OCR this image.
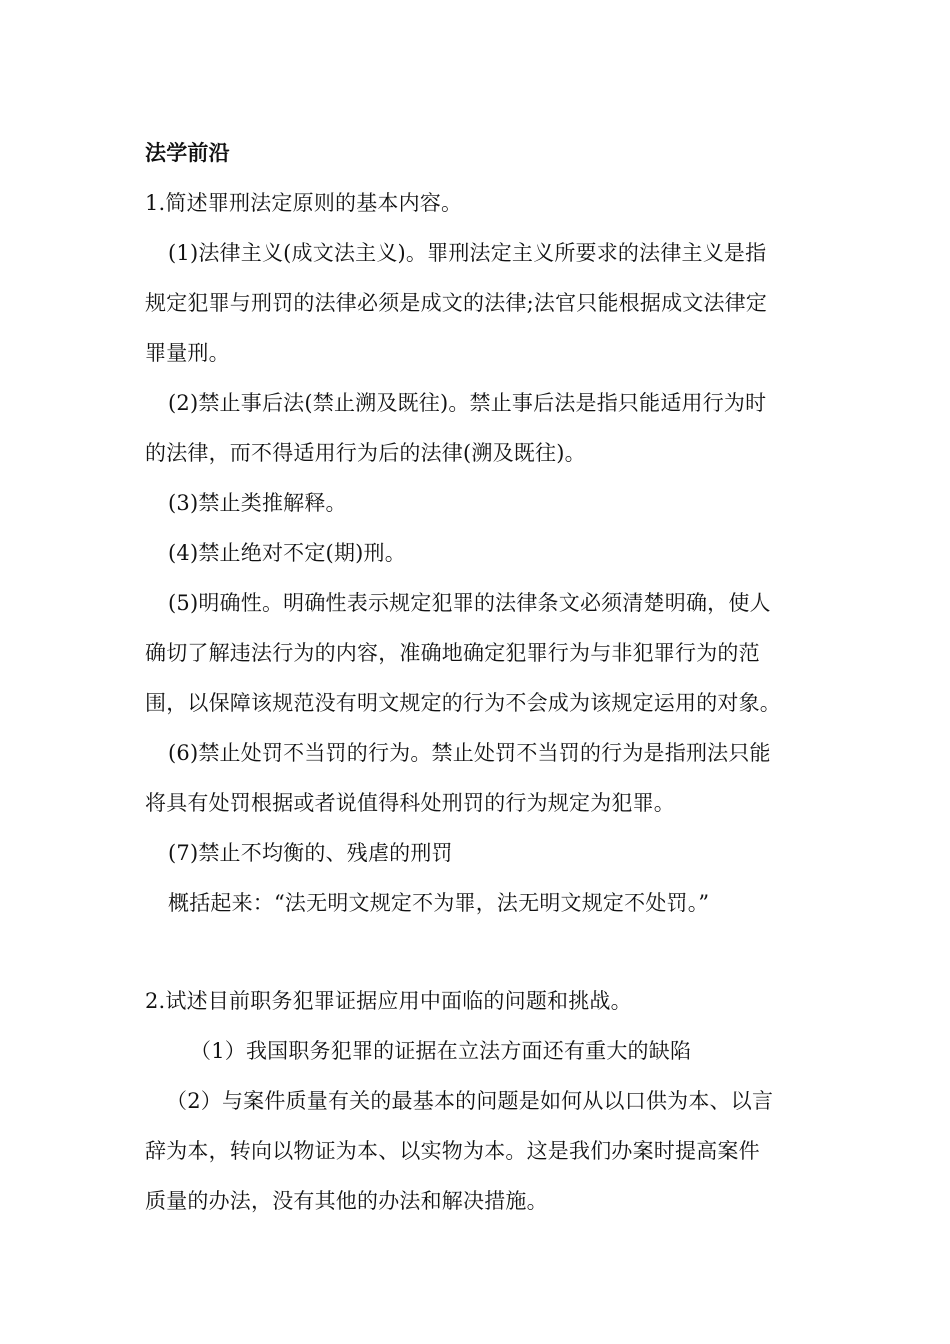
法学前沿
1.简述罪刑法定原则的基本内容。
(1)法律主义(成文法主义)。罪刑法定主义所要求的法律主义是指
规定犯罪与刑罚的法律必须是成文的法律;法官只能根据成文法律定
罪量刑。
(2)禁止事后法(禁止溯及既往)。禁止事后法是指只能适用行为时
的法律，而不得适用行为后的法律(溯及既往)。
(3)禁止类推解释。
(4)禁止绝对不定(期)刑。
(5)明确性。明确性表示规定犯罪的法律条文必须清楚明确，使人
确切了解违法行为的内容，准确地确定犯罪行为与非犯罪行为的范
围，以保障该规范没有明文规定的行为不会成为该规定运用的对象。
(6)禁止处罚不当罚的行为。禁止处罚不当罚的行为是指刑法只能
将具有处罚根据或者说值得科处刑罚的行为规定为犯罪。
(7)禁止不均衡的、残虐的刑罚
概括起来：“法无明文规定不为罪，法无明文规定不处罚。”
2.试述目前职务犯罪证据应用中面临的问题和挑战。
（1）我国职务犯罪的证据在立法方面还有重大的缺陷
（2）与案件质量有关的最基本的问题是如何从以口供为本、以言
辞为本，转向以物证为本、以实物为本。这是我们办案时提高案件
质量的办法，没有其他的办法和解决措施。
